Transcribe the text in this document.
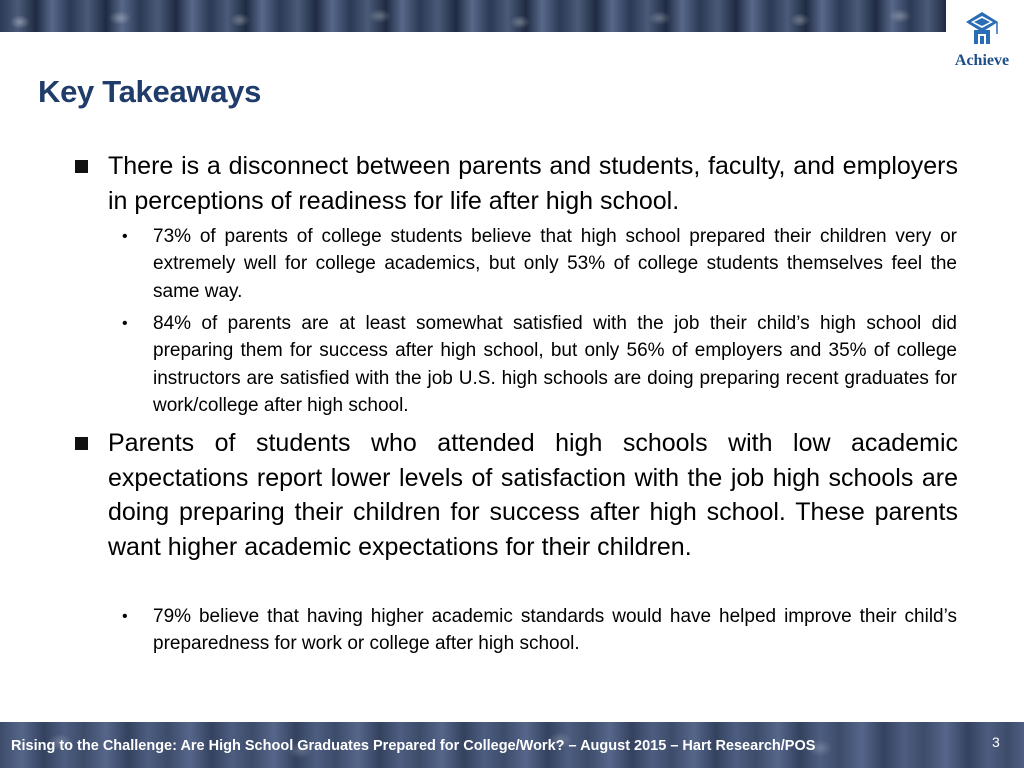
Achieve
Key Takeaways
There is a disconnect between parents and students, faculty, and employers in perceptions of readiness for life after high school.
• 73% of parents of college students believe that high school prepared their children very or extremely well for college academics, but only 53% of college students themselves feel the same way.
• 84% of parents are at least somewhat satisfied with the job their child’s high school did preparing them for success after high school, but only 56% of employers and 35% of college instructors are satisfied with the job U.S. high schools are doing preparing recent graduates for work/college after high school.
Parents of students who attended high schools with low academic expectations report lower levels of satisfaction with the job high schools are doing preparing their children for success after high school. These parents want higher academic expectations for their children.
• 79% believe that having higher academic standards would have helped improve their child’s preparedness for work or college after high school.
Rising to the Challenge: Are High School Graduates Prepared for College/Work? – August 2015 – Hart Research/POS	3
